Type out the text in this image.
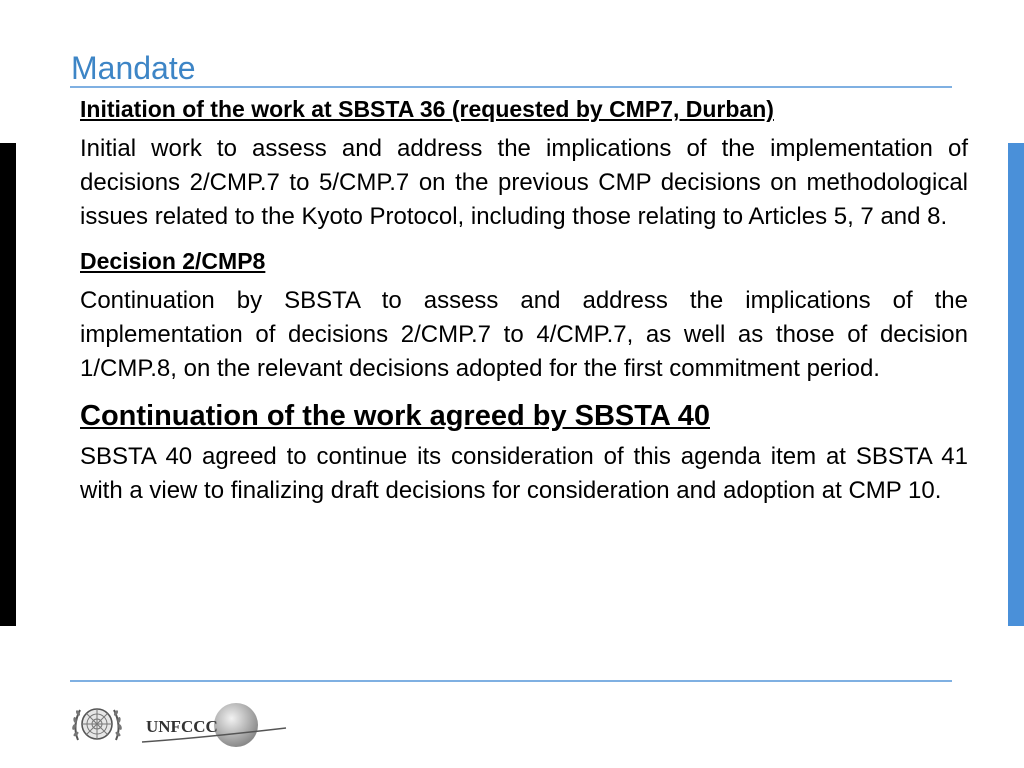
Mandate
Initiation of the work at SBSTA 36 (requested by CMP7, Durban)

Initial work to assess and address the implications of the implementation of decisions 2/CMP.7 to 5/CMP.7 on the previous CMP decisions on methodological issues related to the Kyoto Protocol, including those relating to Articles 5, 7 and 8.

Decision 2/CMP8

Continuation by SBSTA to assess and address the implications of the implementation of decisions 2/CMP.7 to 4/CMP.7, as well as those of decision 1/CMP.8, on the relevant decisions adopted for the first commitment period.

Continuation of the work agreed by SBSTA 40

SBSTA 40 agreed to continue its consideration of this agenda item at SBSTA 41 with a view to finalizing draft decisions for consideration and adoption at CMP 10.

UNFCCC
